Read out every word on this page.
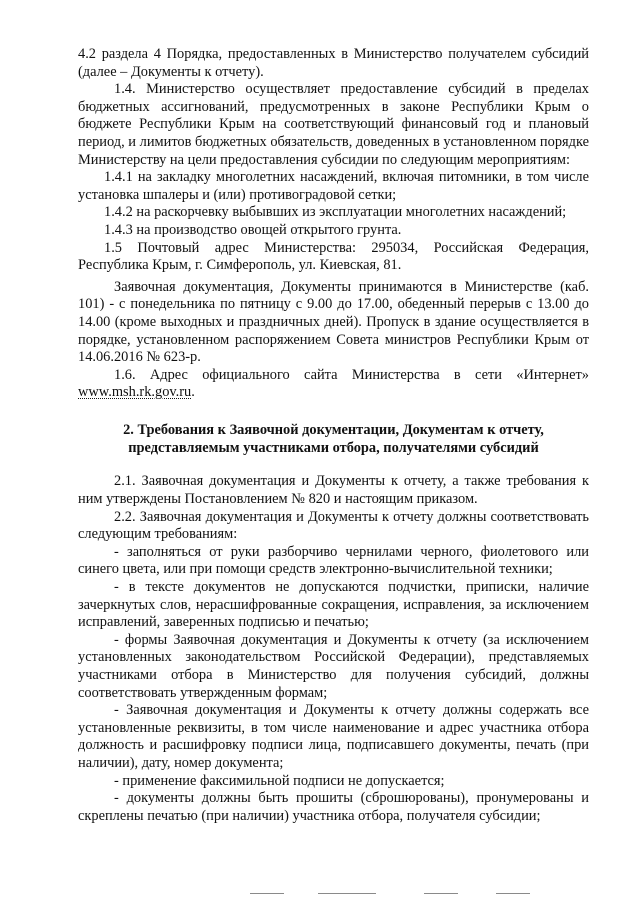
4.2 раздела 4 Порядка, предоставленных в Министерство получателем субсидий (далее – Документы к отчету).

1.4. Министерство осуществляет предоставление субсидий в пределах бюджетных ассигнований, предусмотренных в законе Республики Крым о бюджете Республики Крым на соответствующий финансовый год и плановый период, и лимитов бюджетных обязательств, доведенных в установленном порядке Министерству на цели предоставления субсидии по следующим мероприятиям:

1.4.1 на закладку многолетних насаждений, включая питомники, в том числе установка шпалеры и (или) противоградовой сетки;

1.4.2 на раскорчевку выбывших из эксплуатации многолетних насаждений;

1.4.3 на производство овощей открытого грунта.

1.5 Почтовый адрес Министерства: 295034, Российская Федерация, Республика Крым, г. Симферополь, ул. Киевская, 81.

Заявочная документация, Документы принимаются в Министерстве (каб. 101) - с понедельника по пятницу с 9.00 до 17.00, обеденный перерыв с 13.00 до 14.00 (кроме выходных и праздничных дней). Пропуск в здание осуществляется в порядке, установленном распоряжением Совета министров Республики Крым от 14.06.2016 № 623-р.

1.6. Адрес официального сайта Министерства в сети «Интернет»
www.msh.rk.gov.ru.

2. Требования к Заявочной документации, Документам к отчету,
представляемым участниками отбора, получателями субсидий

2.1. Заявочная документация и Документы к отчету, а также требования к ним утверждены Постановлением № 820 и настоящим приказом.

2.2. Заявочная документация и Документы к отчету должны соответствовать следующим требованиям:

- заполняться от руки разборчиво чернилами черного, фиолетового или синего цвета, или при помощи средств электронно-вычислительной техники;

- в тексте документов не допускаются подчистки, приписки, наличие зачеркнутых слов, нерасшифрованные сокращения, исправления, за исключением исправлений, заверенных подписью и печатью;

- формы Заявочная документация и Документы к отчету (за исключением установленных законодательством Российской Федерации), представляемых участниками отбора в Министерство для получения субсидий, должны соответствовать утвержденным формам;

- Заявочная документация и Документы к отчету должны содержать все установленные реквизиты, в том числе наименование и адрес участника отбора должность и расшифровку подписи лица, подписавшего документы, печать (при наличии), дату, номер документа;

- применение факсимильной подписи не допускается;

- документы должны быть прошиты (сброшюрованы), пронумерованы и скреплены печатью (при наличии) участника отбора, получателя субсидии;
